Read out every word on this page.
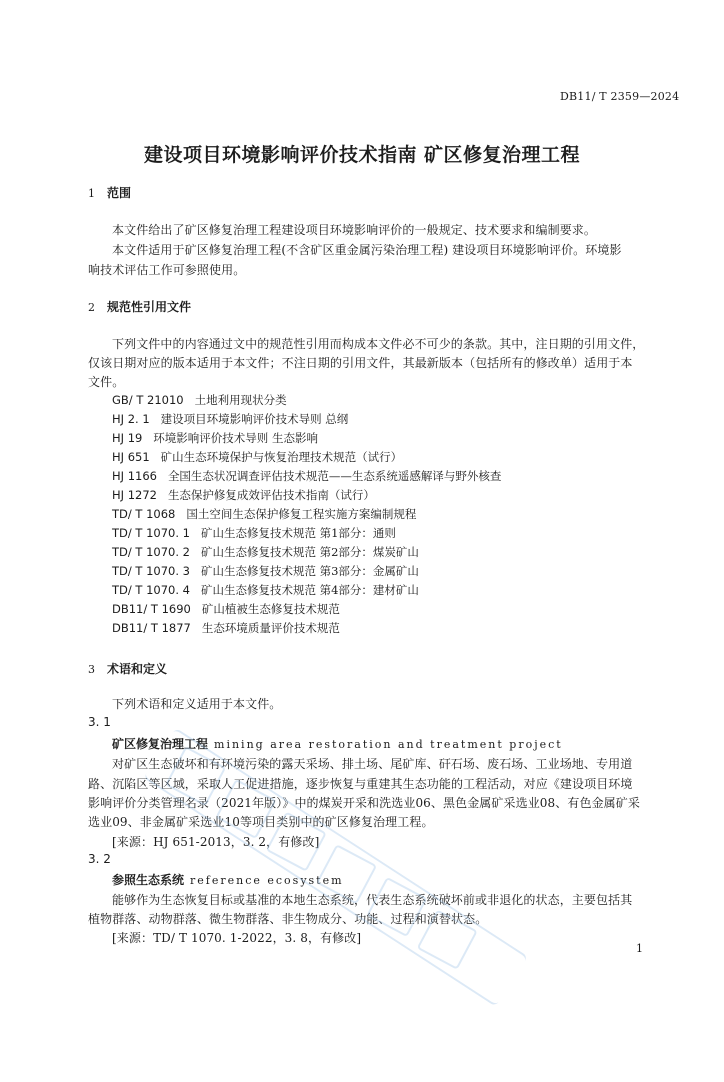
DB11/ T 2359—2024
建设项目环境影响评价技术指南 矿区修复治理工程
1 范围
本文件给出了矿区修复治理工程建设项目环境影响评价的一般规定、技术要求和编制要求。
本文件适用于矿区修复治理工程(不含矿区重金属污染治理工程) 建设项目环境影响评价。环境影
响技术评估工作可参照使用。
2 规范性引用文件
下列文件中的内容通过文中的规范性引用而构成本文件必不可少的条款。其中，注日期的引用文件，
仅该日期对应的版本适用于本文件；不注日期的引用文件，其最新版本（包括所有的修改单）适用于本
文件。
GB/ T 21010 土地利用现状分类
HJ 2. 1 建设项目环境影响评价技术导则 总纲
HJ 19 环境影响评价技术导则 生态影响
HJ 651 矿山生态环境保护与恢复治理技术规范（试行）
HJ 1166 全国生态状况调查评估技术规范——生态系统遥感解译与野外核查
HJ 1272 生态保护修复成效评估技术指南（试行）
TD/ T 1068 国土空间生态保护修复工程实施方案编制规程
TD/ T 1070. 1 矿山生态修复技术规范 第1部分：通则
TD/ T 1070. 2 矿山生态修复技术规范 第2部分：煤炭矿山
TD/ T 1070. 3 矿山生态修复技术规范 第3部分：金属矿山
TD/ T 1070. 4 矿山生态修复技术规范 第4部分：建材矿山
DB11/ T 1690 矿山植被生态修复技术规范
DB11/ T 1877 生态环境质量评价技术规范
3 术语和定义
下列术语和定义适用于本文件。
3. 1
矿区修复治理工程 mining area restoration and treatment project
对矿区生态破坏和有环境污染的露天采场、排土场、尾矿库、矸石场、废石场、工业场地、专用道
路、沉陷区等区域，采取人工促进措施，逐步恢复与重建其生态功能的工程活动，对应《建设项目环境
影响评价分类管理名录（2021年版）》中的煤炭开采和洗选业06、黑色金属矿采选业08、有色金属矿采
选业09、非金属矿采选业10等项目类别中的矿区修复治理工程。
[来源：HJ 651-2013，3. 2，有修改]
3. 2
参照生态系统 reference ecosystem
能够作为生态恢复目标或基准的本地生态系统，代表生态系统破坏前或非退化的状态，主要包括其
植物群落、动物群落、微生物群落、非生物成分、功能、过程和演替状态。
[来源：TD/ T 1070. 1-2022，3. 8，有修改]
1
